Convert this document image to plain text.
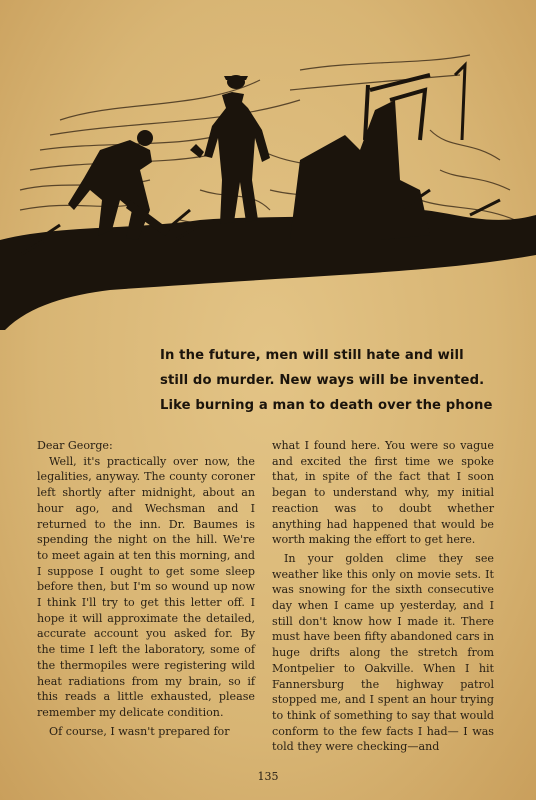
In the future, men will still hate and will

still do murder. New ways will be invented.

Like burning a man to death over the phone

Dear George:

Well, it's practically over now, the legalities, anyway. The county coroner left shortly after midnight, about an hour ago, and Wechsman and I returned to the inn. Dr. Baumes is spending the night on the hill. We're to meet again at ten this morning, and I suppose I ought to get some sleep before then, but I'm so wound up now I think I'll try to get this letter off. I hope it will approximate the detailed, accurate account you asked for. By the time I left the laboratory, some of the thermopiles were registering wild heat radiations from my brain, so if this reads a little exhausted, please remember my delicate condition.

Of course, I wasn't prepared for

what I found here. You were so vague and excited the first time we spoke that, in spite of the fact that I soon began to understand why, my initial reaction was to doubt whether anything had happened that would be worth making the effort to get here.

In your golden clime they see weather like this only on movie sets. It was snowing for the sixth consecutive day when I came up yesterday, and I still don't know how I made it. There must have been fifty abandoned cars in huge drifts along the stretch from Montpelier to Oakville. When I hit Fannersburg the highway patrol stopped me, and I spent an hour trying to think of something to say that would conform to the few facts I had— I was told they were checking—and

135
